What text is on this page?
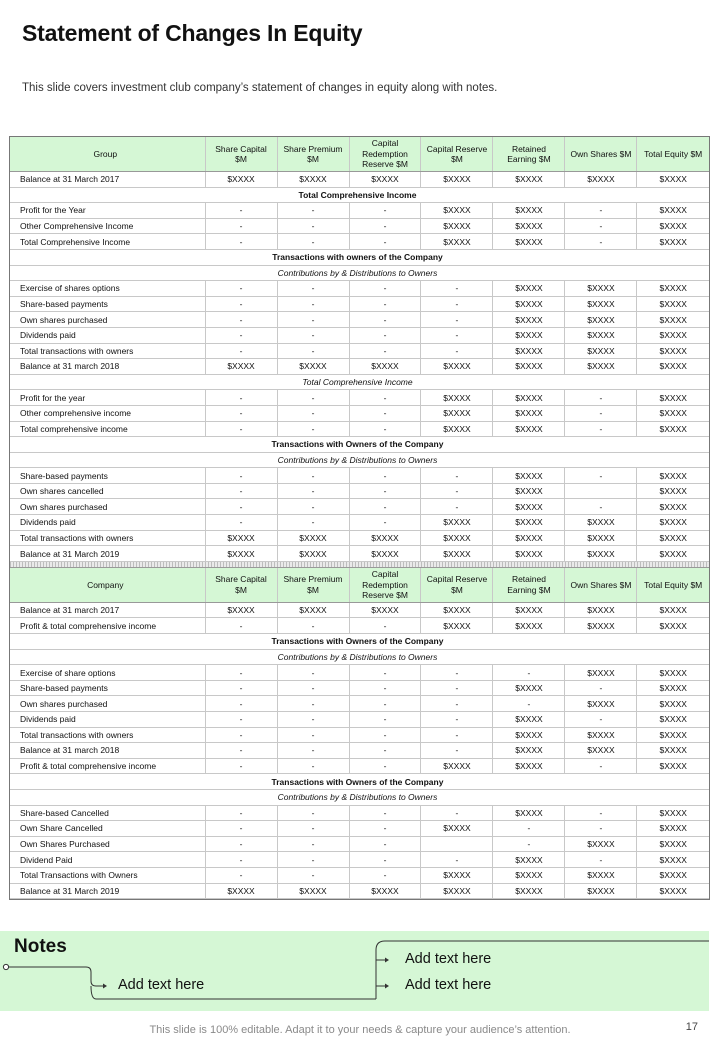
Statement of Changes In Equity
This slide covers investment club company’s statement of changes in equity along with notes.
Group	Share Capital $M	Share Premium $M	Capital Redemption Reserve $M	Capital Reserve $M	Retained Earning $M	Own Shares $M	Total Equity $M
Balance at 31 March 2017	$XXXX	$XXXX	$XXXX	$XXXX	$XXXX	$XXXX	$XXXX
Total Comprehensive Income							
Profit for the Year	-	-	-	$XXXX	$XXXX	-	$XXXX
Other Comprehensive Income	-	-	-	$XXXX	$XXXX	-	$XXXX
Total Comprehensive Income	-	-	-	$XXXX	$XXXX	-	$XXXX
Transactions with owners of the Company							
Contributions by & Distributions to Owners							
Exercise of shares options	-	-	-	-	$XXXX	$XXXX	$XXXX
Share-based payments	-	-	-	-	$XXXX	$XXXX	$XXXX
Own shares purchased	-	-	-	-	$XXXX	$XXXX	$XXXX
Dividends paid	-	-	-	-	$XXXX	$XXXX	$XXXX
Total transactions with owners	-	-	-	-	$XXXX	$XXXX	$XXXX
Balance at 31 march 2018	$XXXX	$XXXX	$XXXX	$XXXX	$XXXX	$XXXX	$XXXX
Total Comprehensive Income							
Profit for the year	-	-	-	$XXXX	$XXXX	-	$XXXX
Other comprehensive income	-	-	-	$XXXX	$XXXX	-	$XXXX
Total comprehensive income	-	-	-	$XXXX	$XXXX	-	$XXXX
Transactions with Owners of the Company							
Contributions by & Distributions to Owners							
Share-based payments	-	-	-	-	$XXXX	-	$XXXX
Own shares cancelled	-	-	-	-	$XXXX		$XXXX
Own shares purchased	-	-	-	-	$XXXX	-	$XXXX
Dividends paid	-	-	-	$XXXX	$XXXX	$XXXX	$XXXX
Total transactions with owners	$XXXX	$XXXX	$XXXX	$XXXX	$XXXX	$XXXX	$XXXX
Balance at 31 March 2019	$XXXX	$XXXX	$XXXX	$XXXX	$XXXX	$XXXX	$XXXX

Company	Share Capital $M	Share Premium $M	Capital Redemption Reserve $M	Capital Reserve $M	Retained Earning $M	Own Shares $M	Total Equity $M
Balance at 31 march 2017	$XXXX	$XXXX	$XXXX	$XXXX	$XXXX	$XXXX	$XXXX
Profit & total comprehensive income	-	-	-	$XXXX	$XXXX	$XXXX	$XXXX
Transactions with Owners of the Company							
Contributions by & Distributions to Owners							
Exercise of share options	-	-	-	-	-	$XXXX	$XXXX
Share-based payments	-	-	-	-	$XXXX	-	$XXXX
Own shares purchased	-	-	-	-	-	$XXXX	$XXXX
Dividends paid	-	-	-	-	$XXXX	-	$XXXX
Total transactions with owners	-	-	-	-	$XXXX	$XXXX	$XXXX
Balance at 31 march 2018	-	-	-	-	$XXXX	$XXXX	$XXXX
Profit & total comprehensive income	-	-	-	$XXXX	$XXXX	-	$XXXX
Transactions with Owners of the Company							
Contributions by & Distributions to Owners							
Share-based Cancelled	-	-	-	-	$XXXX	-	$XXXX
Own Share Cancelled	-	-	-	$XXXX	-	-	$XXXX
Own Shares Purchased	-	-	-		-	$XXXX	$XXXX
Dividend Paid	-	-	-	-	$XXXX	-	$XXXX
Total Transactions with Owners	-	-	-	$XXXX	$XXXX	$XXXX	$XXXX
Balance at 31 March 2019	$XXXX	$XXXX	$XXXX	$XXXX	$XXXX	$XXXX	$XXXX
Notes
Add text here
Add text here
Add text here
This slide is 100% editable. Adapt it to your needs & capture your audience’s attention.	17
